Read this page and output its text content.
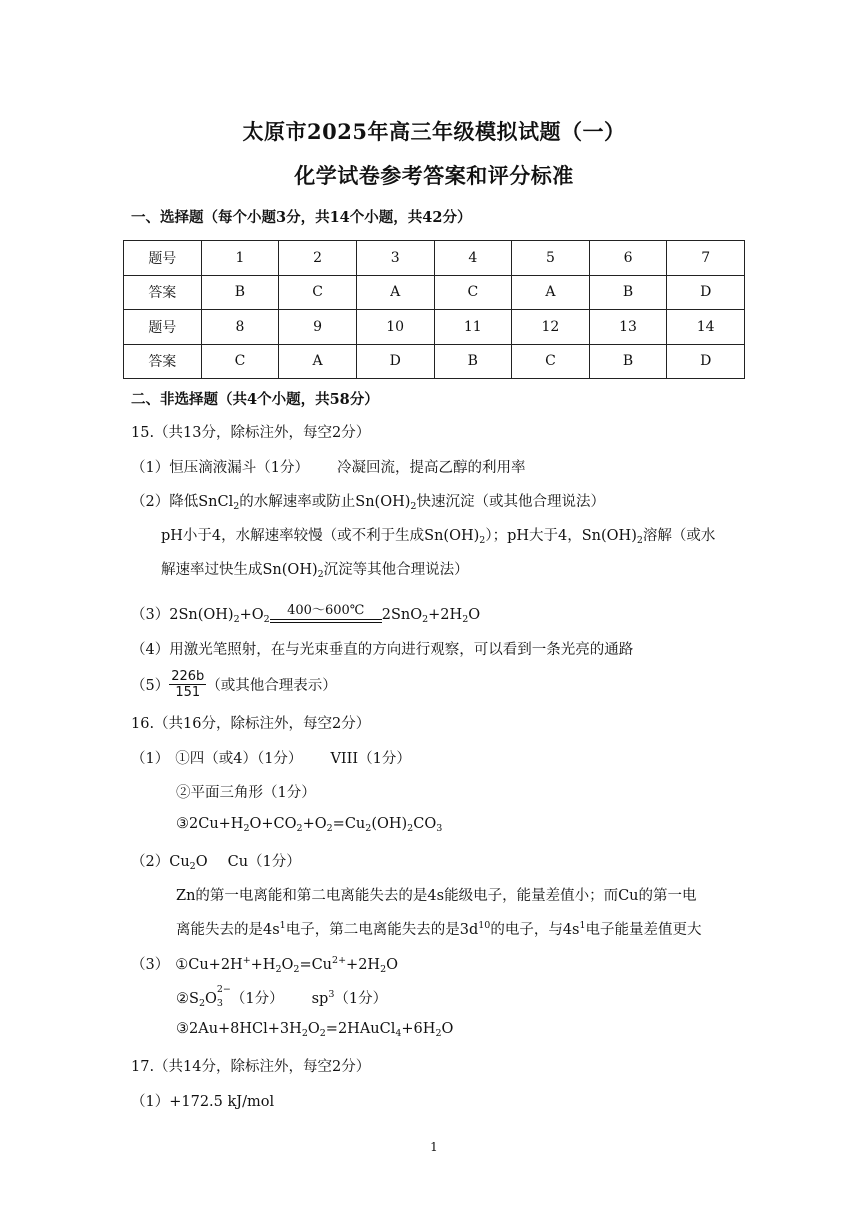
太原市2025年高三年级模拟试题（一）
化学试卷参考答案和评分标准
一、选择题（每个小题3分，共14个小题，共42分）
题号	1	2	3	4	5	6	7
答案	B	C	A	C	A	B	D
题号	8	9	10	11	12	13	14
答案	C	A	D	B	C	B	D
二、非选择题（共4个小题，共58分）
15.（共13分，除标注外，每空2分）
（1）恒压滴液漏斗（1分） 冷凝回流，提高乙醇的利用率
（2）降低SnCl$_2$的水解速率或防止$Sn(OH)_2$快速沉淀（或其他合理说法）
pH小于4，水解速率较慢（或不利于生成$Sn(OH)_2$）；pH大于4，$Sn(OH)_2$溶解（或水
解速率过快生成$Sn(OH)_2$沉淀等其他合理说法）
$(3)2Sn(OH)_2+O_2$
400～600℃	$2SnO_2+2H_2O$
（4）用激光笔照射，在与光束垂直的方向进行观察，可以看到一条光亮的通路
$(5) \frac{226b}{151}$ （或其他合理表示）
16.（共16分，除标注外，每空2分）
（1） ①四（或4）（1分） VIII（1分）
②平面三角形（1分）
$③2Cu+H_2O+CO_2+O_2=Cu_2(OH)_2CO_3$
$(2)Cu_2O$ Cu（1分）
Zn的第一电离能和第二电离能失去的是4s能级电子，能量差值小；而Cu的第一电
离能失去的是$4s^1$电子，第二电离能失去的是$3d^{10}$的电子，与$4s^1$电子能量差值更大
（3） $①Cu+2H^++H_2O_2=Cu^{2+}+2H_2O$
$②S_2O$
2−
3 （1分） $sp^3(1$分）
$③2Au+8HCl+3H_2O_2=2HAuCl_4+6H_2O$
17.（共14分，除标注外，每空2分）
（1）+172.5 kJ/mol
1
